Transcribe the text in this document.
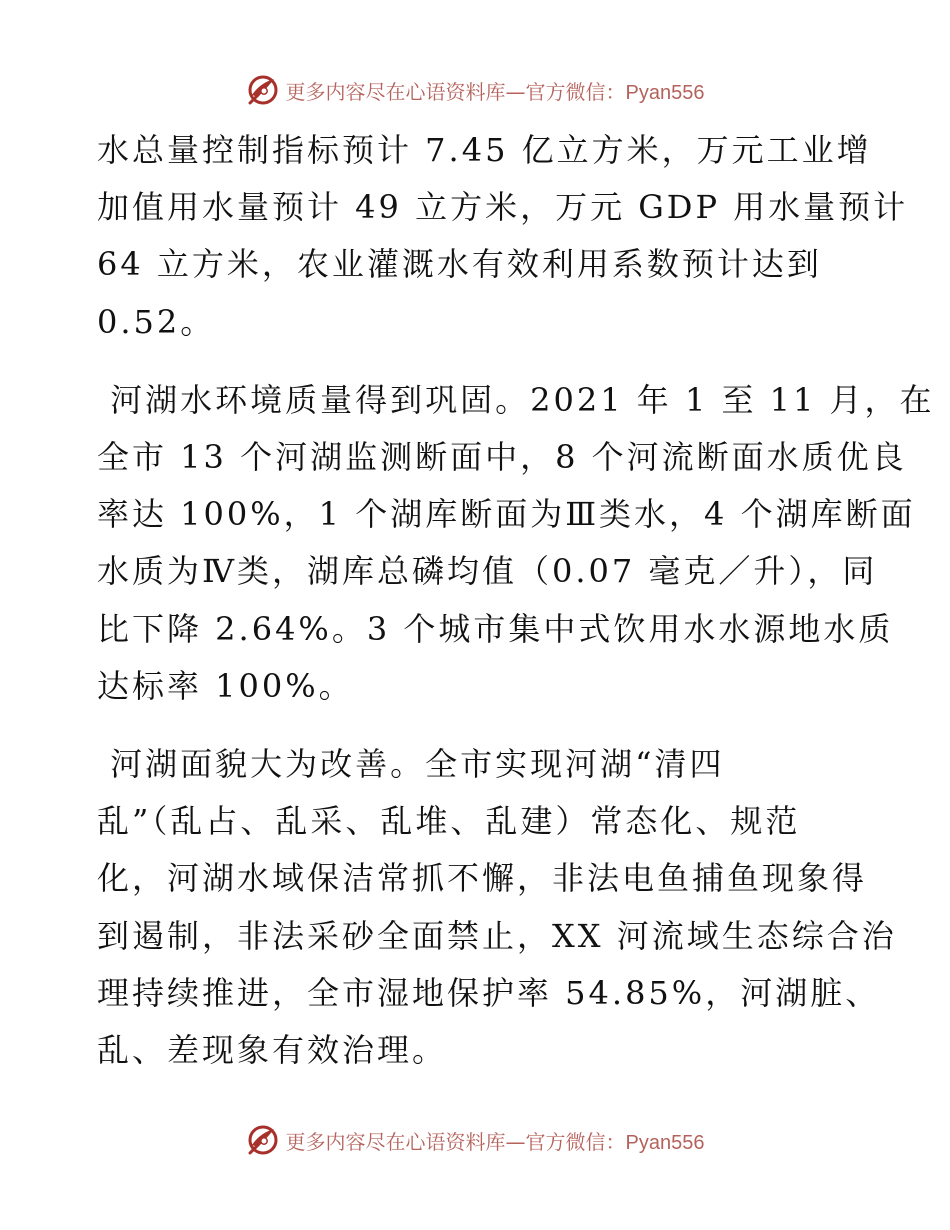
更多内容尽在心语资料库—官方微信：Pyan556

水总量控制指标预计 7.45 亿立方米，万元工业增
加值用水量预计 49 立方米，万元 GDP 用水量预计
64 立方米，农业灌溉水有效利用系数预计达到
0.52。

河湖水环境质量得到巩固。2021 年 1 至 11 月，在
全市 13 个河湖监测断面中，8 个河流断面水质优良
率达 100%，1 个湖库断面为Ⅲ类水，4 个湖库断面
水质为Ⅳ类，湖库总磷均值（0.07 毫克／升），同
比下降 2.64%。3 个城市集中式饮用水水源地水质
达标率 100%。

河湖面貌大为改善。全市实现河湖“清四
乱”（乱占、乱采、乱堆、乱建）常态化、规范
化，河湖水域保洁常抓不懈，非法电鱼捕鱼现象得
到遏制，非法采砂全面禁止，XX 河流域生态综合治
理持续推进，全市湿地保护率 54.85%，河湖脏、
乱、差现象有效治理。

更多内容尽在心语资料库—官方微信：Pyan556
